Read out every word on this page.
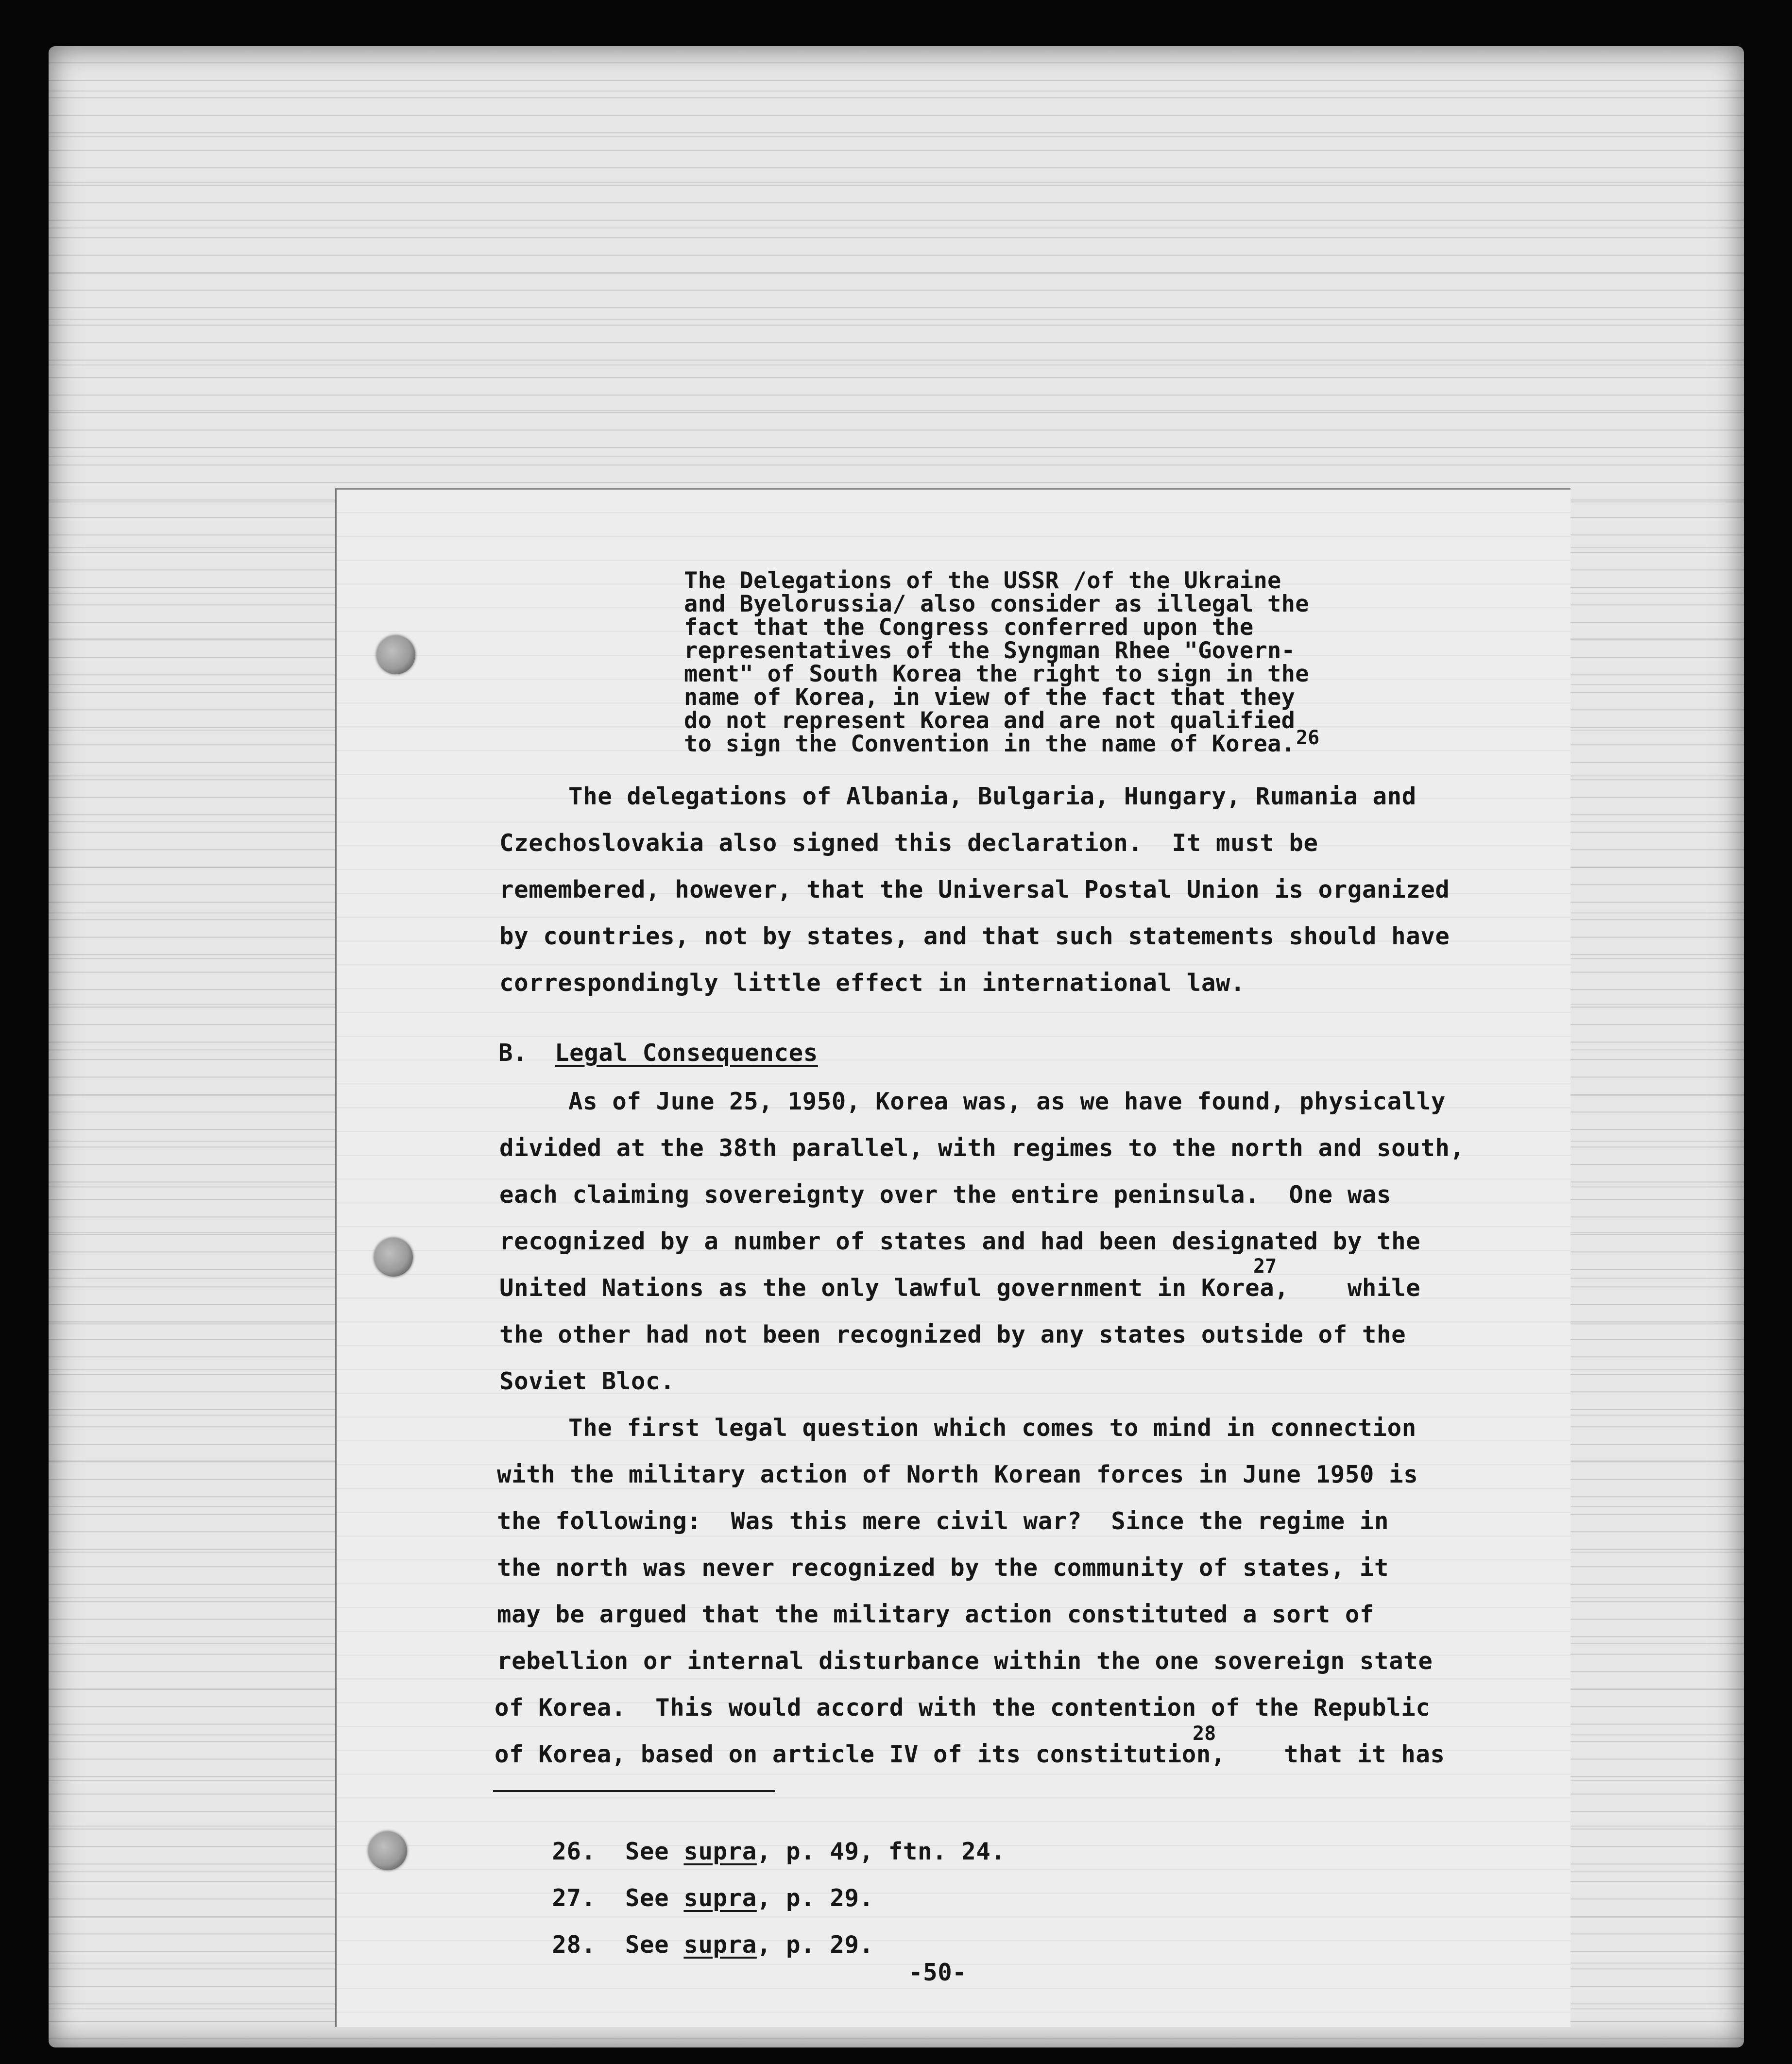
The Delegations of the USSR /of the Ukraine
and Byelorussia/ also consider as illegal the
fact that the Congress conferred upon the
representatives of the Syngman Rhee "Govern-
ment" of South Korea the right to sign in the
name of Korea, in view of the fact that they
do not represent Korea and are not qualified
to sign the Convention in the name of Korea. 26
The delegations of Albania, Bulgaria, Hungary, Rumania and
Czechoslovakia also signed this declaration.  It must be
remembered, however, that the Universal Postal Union is organized
by countries, not by states, and that such statements should have
correspondingly little effect in international law.
B. Legal Consequences
As of June 25, 1950, Korea was, as we have found, physically
divided at the 38th parallel, with regimes to the north and south,
each claiming sovereignty over the entire peninsula.  One was
recognized by a number of states and had been designated by the
United Nations as the only lawful government in Korea,    while
the other had not been recognized by any states outside of the
Soviet Bloc.
27
The first legal question which comes to mind in connection
with the military action of North Korean forces in June 1950 is
the following:  Was this mere civil war?  Since the regime in
the north was never recognized by the community of states, it
may be argued that the military action constituted a sort of
rebellion or internal disturbance within the one sovereign state
of Korea.  This would accord with the contention of the Republic
of Korea, based on article IV of its constitution,    that it has
28

26. See supra, p. 49, ftn. 24.

27. See supra, p. 29.

28. See supra, p. 29.

-50-
